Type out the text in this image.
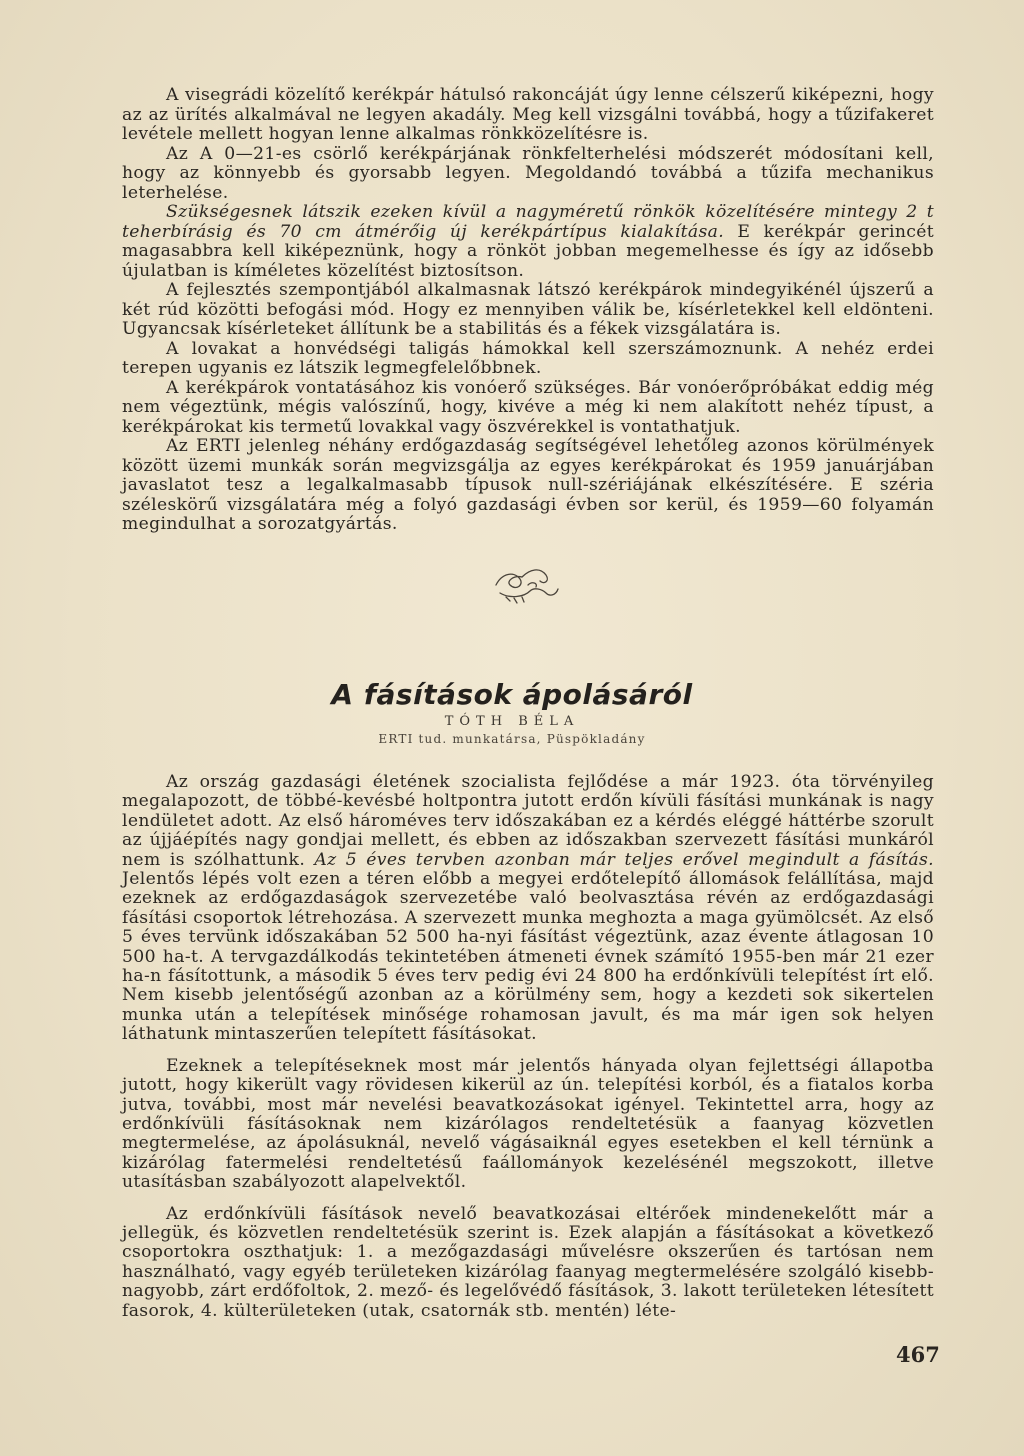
A visegrádi közelítő kerékpár hátulsó rakoncáját úgy lenne célszerű kiképezni, hogy az az ürítés alkalmával ne legyen akadály. Meg kell vizsgálni továbbá, hogy a tűzifakeret levétele mellett hogyan lenne alkalmas rönkközelítésre is.

Az A 0—21-es csörlő kerékpárjának rönkfelterhelési módszerét módosítani kell, hogy az könnyebb és gyorsabb legyen. Megoldandó továbbá a tűzifa mechanikus leterhelése.

Szükségesnek látszik ezeken kívül a nagyméretű rönkök közelítésére mintegy 2 t teherbírásig és 70 cm átmérőig új kerékpártípus kialakítása. E kerékpár gerincét magasabbra kell kiképeznünk, hogy a rönköt jobban megemelhesse és így az idősebb újulatban is kíméletes közelítést biztosítson.

A fejlesztés szempontjából alkalmasnak látszó kerékpárok mindegyikénél újszerű a két rúd közötti befogási mód. Hogy ez mennyiben válik be, kísérletekkel kell eldönteni. Ugyancsak kísérleteket állítunk be a stabilitás és a fékek vizsgálatára is.

A lovakat a honvédségi taligás hámokkal kell szerszámoznunk. A nehéz erdei terepen ugyanis ez látszik legmegfelelőbbnek.

A kerékpárok vontatásához kis vonóerő szükséges. Bár vonóerőpróbákat eddig még nem végeztünk, mégis valószínű, hogy, kivéve a még ki nem alakított nehéz típust, a kerékpárokat kis termetű lovakkal vagy öszvérekkel is vontathatjuk.

Az ERTI jelenleg néhány erdőgazdaság segítségével lehetőleg azonos körülmények között üzemi munkák során megvizsgálja az egyes kerékpárokat és 1959 januárjában javaslatot tesz a legalkalmasabb típusok null-szériájának elkészítésére. E széria széleskörű vizsgálatára még a folyó gazdasági évben sor kerül, és 1959—60 folyamán megindulhat a sorozatgyártás.

A fásítások ápolásáról
TÓTH BÉLA
ERTI tud. munkatársa, Püspökladány

Az ország gazdasági életének szocialista fejlődése a már 1923. óta törvényileg megalapozott, de többé-kevésbé holtpontra jutott erdőn kívüli fásítási munkának is nagy lendületet adott. Az első hároméves terv időszakában ez a kérdés eléggé háttérbe szorult az újjáépítés nagy gondjai mellett, és ebben az időszakban szervezett fásítási munkáról nem is szólhattunk. Az 5 éves tervben azonban már teljes erővel megindult a fásítás. Jelentős lépés volt ezen a téren előbb a megyei erdőtelepítő állomások felállítása, majd ezeknek az erdőgazdaságok szervezetébe való beolvasztása révén az erdőgazdasági fásítási csoportok létrehozása. A szervezett munka meghozta a maga gyümölcsét. Az első 5 éves tervünk időszakában 52 500 ha-nyi fásítást végeztünk, azaz évente átlagosan 10 500 ha-t. A tervgazdálkodás tekintetében átmeneti évnek számító 1955-ben már 21 ezer ha-n fásítottunk, a második 5 éves terv pedig évi 24 800 ha erdőnkívüli telepítést írt elő. Nem kisebb jelentőségű azonban az a körülmény sem, hogy a kezdeti sok sikertelen munka után a telepítések minősége rohamosan javult, és ma már igen sok helyen láthatunk mintaszerűen telepített fásításokat.

Ezeknek a telepítéseknek most már jelentős hányada olyan fejlettségi állapotba jutott, hogy kikerült vagy rövidesen kikerül az ún. telepítési korból, és a fiatalos korba jutva, további, most már nevelési beavatkozásokat igényel. Tekintettel arra, hogy az erdőnkívüli fásításoknak nem kizárólagos rendeltetésük a faanyag közvetlen megtermelése, az ápolásuknál, nevelő vágásaiknál egyes esetekben el kell térnünk a kizárólag fatermelési rendeltetésű faállományok kezelésénél megszokott, illetve utasításban szabályozott alapelvektől.

Az erdőnkívüli fásítások nevelő beavatkozásai eltérőek mindenekelőtt már a jellegük, és közvetlen rendeltetésük szerint is. Ezek alapján a fásításokat a következő csoportokra oszthatjuk: 1. a mezőgazdasági művelésre okszerűen és tartósan nem használható, vagy egyéb területeken kizárólag faanyag megtermelésére szolgáló kisebb-nagyobb, zárt erdőfoltok, 2. mező- és legelővédő fásítások, 3. lakott területeken létesített fasorok, 4. külterületeken (utak, csatornák stb. mentén) léte-

467
